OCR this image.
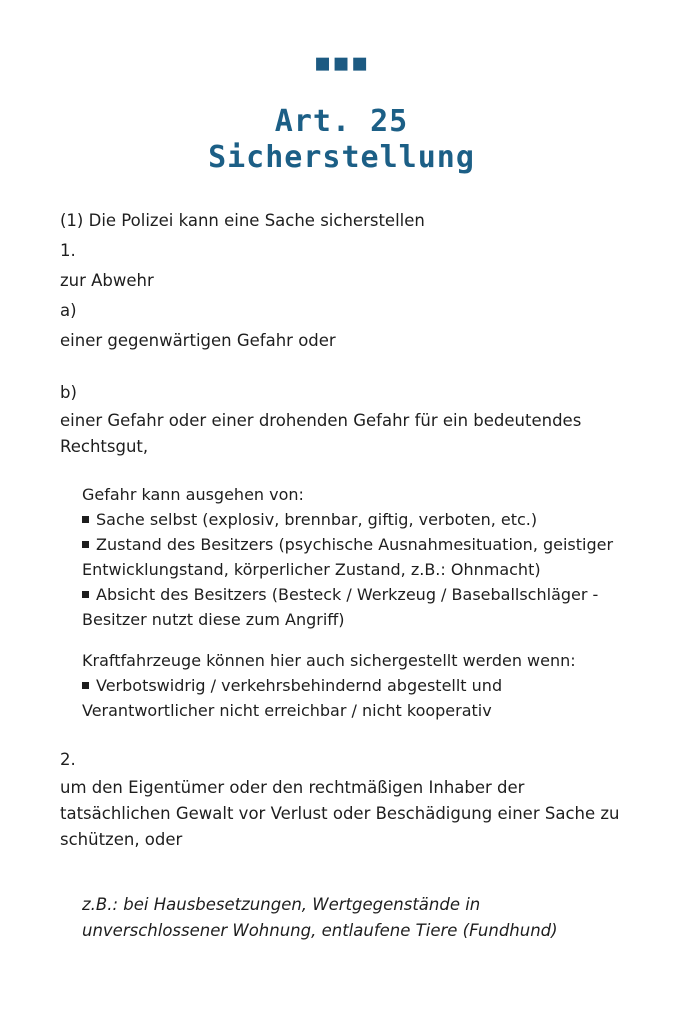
▪▪▪
Art. 25
Sicherstellung

(1) Die Polizei kann eine Sache sicherstellen

1.

zur Abwehr

a)

einer gegenwärtigen Gefahr oder

b)

einer Gefahr oder einer drohenden Gefahr für ein bedeutendes Rechtsgut,

Gefahr kann ausgehen von:

Sache selbst (explosiv, brennbar, giftig, verboten, etc.)

Zustand des Besitzers (psychische Ausnahmesituation, geistiger Entwicklungstand, körperlicher Zustand, z.B.: Ohnmacht)

Absicht des Besitzers (Besteck / Werkzeug / Baseballschläger - Besitzer nutzt diese zum Angriff)

Kraftfahrzeuge können hier auch sichergestellt werden wenn:

Verbotswidrig / verkehrsbehindernd abgestellt und Verantwortlicher nicht erreichbar / nicht kooperativ

2.

um den Eigentümer oder den rechtmäßigen Inhaber der tatsächlichen Gewalt vor Verlust oder Beschädigung einer Sache zu schützen, oder

z.B.: bei Hausbesetzungen, Wertgegenstände in unverschlossener Wohnung, entlaufene Tiere (Fundhund)
